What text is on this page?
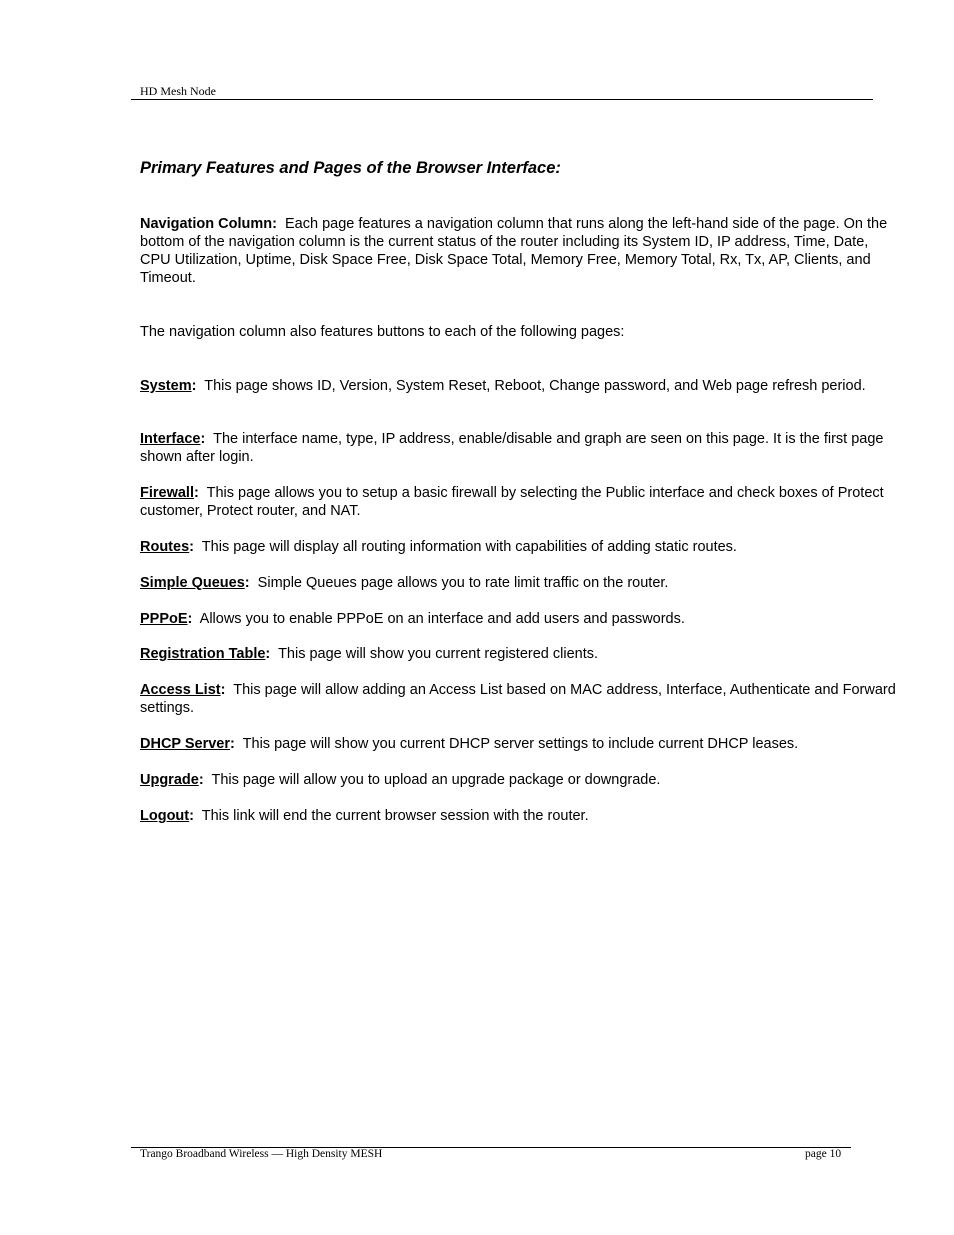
HD Mesh Node
Primary Features and Pages of the Browser Interface:

Navigation Column: Each page features a navigation column that runs along the left-hand side of the page. On the bottom of the navigation column is the current status of the router including its System ID, IP address, Time, Date, CPU Utilization, Uptime, Disk Space Free, Disk Space Total, Memory Free, Memory Total, Rx, Tx, AP, Clients, and Timeout.

The navigation column also features buttons to each of the following pages:

System: This page shows ID, Version, System Reset, Reboot, Change password, and Web page refresh period.

Interface: The interface name, type, IP address, enable/disable and graph are seen on this page. It is the first page shown after login.

Firewall: This page allows you to setup a basic firewall by selecting the Public interface and check boxes of Protect customer, Protect router, and NAT.

Routes: This page will display all routing information with capabilities of adding static routes.

Simple Queues: Simple Queues page allows you to rate limit traffic on the router.

PPPoE: Allows you to enable PPPoE on an interface and add users and passwords.

Registration Table: This page will show you current registered clients.

Access List: This page will allow adding an Access List based on MAC address, Interface, Authenticate and Forward settings.

DHCP Server: This page will show you current DHCP server settings to include current DHCP leases.

Upgrade: This page will allow you to upload an upgrade package or downgrade.

Logout:  This link will end the current browser session with the router.

Trango Broadband Wireless — High Density MESH	page 10
